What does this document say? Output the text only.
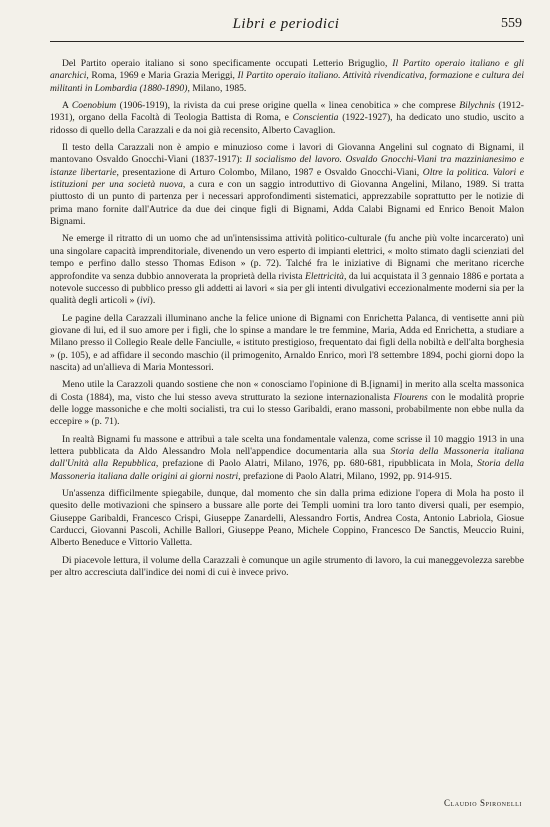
Libri e periodici	559

Del Partito operaio italiano si sono specificamente occupati Letterio Briguglio, Il Partito operaio italiano e gli anarchici, Roma, 1969 e Maria Grazia Meriggi, Il Partito operaio italiano. Attività rivendicativa, formazione e cultura dei militanti in Lombardia (1880-1890), Milano, 1985.

A Coenobium (1906-1919), la rivista da cui prese origine quella « linea cenobitica » che comprese Bilychnis (1912-1931), organo della Facoltà di Teologia Battista di Roma, e Conscientia (1922-1927), ha dedicato uno studio, uscito a ridosso di quello della Carazzali e da noi già recensito, Alberto Cavaglion.

Il testo della Carazzali non è ampio e minuzioso come i lavori di Giovanna Angelini sul cognato di Bignami, il mantovano Osvaldo Gnocchi-Viani (1837-1917): Il socialismo del lavoro. Osvaldo Gnocchi-Viani tra mazzinianesimo e istanze libertarie, presentazione di Arturo Colombo, Milano, 1987 e Osvaldo Gnocchi-Viani, Oltre la politica. Valori e istituzioni per una società nuova, a cura e con un saggio introduttivo di Giovanna Angelini, Milano, 1989. Si tratta piuttosto di un punto di partenza per i necessari approfondimenti sistematici, apprezzabile soprattutto per le notizie di prima mano fornite dall'Autrice da due dei cinque figli di Bignami, Adda Calabi Bignami ed Enrico Benoit Malon Bignami.

Ne emerge il ritratto di un uomo che ad un'intensissima attività politico-culturale (fu anche più volte incarcerato) unì una singolare capacità imprenditoriale, divenendo un vero esperto di impianti elettrici, « molto stimato dagli scienziati del tempo e perfino dallo stesso Thomas Edison » (p. 72). Talché fra le iniziative di Bignami che meritano ricerche approfondite va senza dubbio annoverata la proprietà della rivista Elettricità, da lui acquistata il 3 gennaio 1886 e portata a notevole successo di pubblico presso gli addetti ai lavori « sia per gli intenti divulgativi eccezionalmente moderni sia per la qualità degli articoli » (ivi).

Le pagine della Carazzali illuminano anche la felice unione di Bignami con Enrichetta Palanca, di ventisette anni più giovane di lui, ed il suo amore per i figli, che lo spinse a mandare le tre femmine, Maria, Adda ed Enrichetta, a studiare a Milano presso il Collegio Reale delle Fanciulle, « istituto prestigioso, frequentato dai figli della nobiltà e dell'alta borghesia » (p. 105), e ad affidare il secondo maschio (il primogenito, Arnaldo Enrico, morì l'8 settembre 1894, pochi giorni dopo la nascita) ad un'allieva di Maria Montessori.

Meno utile la Carazzoli quando sostiene che non « conosciamo l'opinione di B.[ignami] in merito alla scelta massonica di Costa (1884), ma, visto che lui stesso aveva strutturato la sezione internazionalista Flourens con le modalità proprie delle logge massoniche e che molti socialisti, tra cui lo stesso Garibaldi, erano massoni, probabilmente non ebbe nulla da eccepire » (p. 71).

In realtà Bignami fu massone e attribuì a tale scelta una fondamentale valenza, come scrisse il 10 maggio 1913 in una lettera pubblicata da Aldo Alessandro Mola nell'appendice documentaria alla sua Storia della Massoneria italiana dall'Unità alla Repubblica, prefazione di Paolo Alatri, Milano, 1976, pp. 680-681, ripubblicata in Mola, Storia della Massoneria italiana dalle origini ai giorni nostri, prefazione di Paolo Alatri, Milano, 1992, pp. 914-915.

Un'assenza difficilmente spiegabile, dunque, dal momento che sin dalla prima edizione l'opera di Mola ha posto il quesito delle motivazioni che spinsero a bussare alle porte dei Templi uomini tra loro tanto diversi quali, per esempio, Giuseppe Garibaldi, Francesco Crispi, Giuseppe Zanardelli, Alessandro Fortis, Andrea Costa, Antonio Labriola, Giosue Carducci, Giovanni Pascoli, Achille Ballori, Giuseppe Peano, Michele Coppino, Francesco De Sanctis, Meuccio Ruini, Alberto Beneduce e Vittorio Valletta.

Di piacevole lettura, il volume della Carazzali è comunque un agile strumento di lavoro, la cui maneggevolezza sarebbe per altro accresciuta dall'indice dei nomi di cui è invece privo.

Claudio Spironelli
